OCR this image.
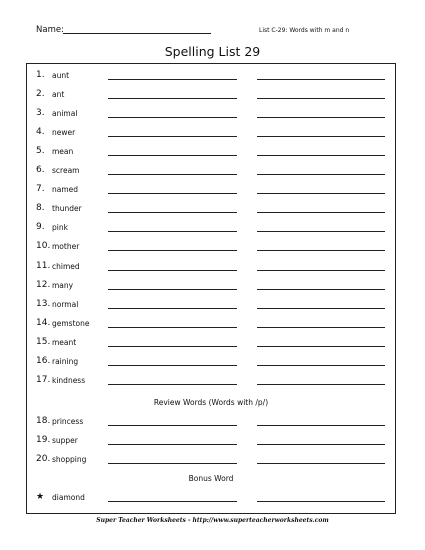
Name:	List C-29: Words with m and n
Spelling List 29
1. aunt
2. ant
3. animal
4. newer
5. mean
6. scream
7. named
8. thunder
9. pink
10. mother
11. chimed
12. many
13. normal
14. gemstone
15. meant
16. raining
17. kindness
18. princess
19. supper
20. shopping
★ diamond
Review Words (Words with /p/)
Bonus Word
Super Teacher Worksheets - http://www.superteacherworksheets.com
